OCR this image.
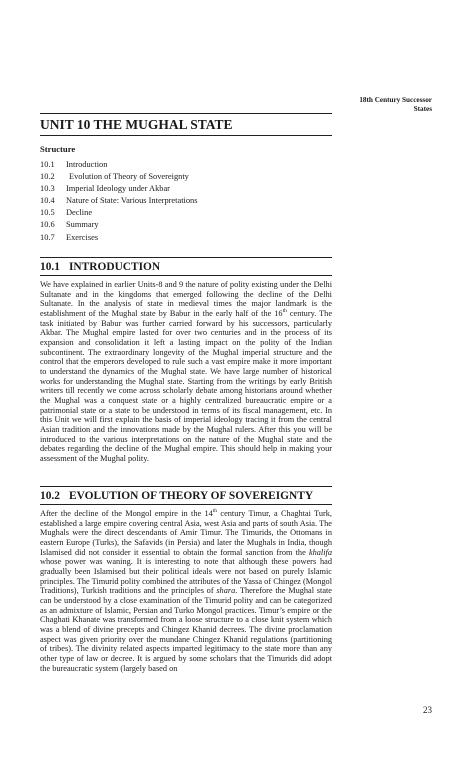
18th Century Successor
States
UNIT 10 THE MUGHAL STATE
Structure
10.1	Introduction
10.2	Evolution of Theory of Sovereignty
10.3	Imperial Ideology under Akbar
10.4	Nature of State: Various Interpretations
10.5	Decline
10.6	Summary
10.7	Exercises
10.1 INTRODUCTION

We have explained in earlier Units-8 and 9 the nature of polity existing under the Delhi Sultanate and in the kingdoms that emerged following the decline of the Delhi Sultanate. In the analysis of state in medieval times the major landmark is the establishment of the Mughal state by Babur in the early half of the 16th century. The task initiated by Babur was further carried forward by his successors, particularly Akbar. The Mughal empire lasted for over two centuries and in the process of its expansion and consolidation it left a lasting impact on the polity of the Indian subcontinent. The extraordinary longevity of the Mughal imperial structure and the control that the emperors developed to rule such a vast empire make it more important to understand the dynamics of the Mughal state. We have large number of historical works for understanding the Mughal state. Starting from the writings by early British writers till recently we come across scholarly debate among historians around whether the Mughal was a conquest state or a highly centralized bureaucratic empire or a patrimonial state or a state to be understood in terms of its fiscal management, etc. In this Unit we will first explain the basis of imperial ideology tracing it from the central Asian tradition and the innovations made by the Mughal rulers. After this you will be introduced to the various interpretations on the nature of the Mughal state and the debates regarding the decline of the Mughal empire. This should help in making your assessment of the Mughal polity.

10.2 EVOLUTION OF THEORY OF SOVEREIGNTY

After the decline of the Mongol empire in the 14th century Timur, a Chaghtai Turk, established a large empire covering central Asia, west Asia and parts of south Asia. The Mughals were the direct descendants of Amir Timur. The Timurids, the Ottomans in eastern Europe (Turks), the Safavids (in Persia) and later the Mughals in India, though Islamised did not consider it essential to obtain the formal sanction from the khalifa whose power was waning. It is interesting to note that although these powers had gradually been Islamised but their political ideals were not based on purely Islamic principles. The Timurid polity combined the attributes of the Yassa of Chingez (Mongol Traditions), Turkish traditions and the principles of shara. Therefore the Mughal state can be understood by a close examination of the Timurid polity and can be categorized as an admixture of Islamic, Persian and Turko Mongol practices. Timur’s empire or the Chaghati Khanate was transformed from a loose structure to a close knit system which was a blend of divine precepts and Chingez Khanid decrees. The divine proclamation aspect was given priority over the mundane Chingez Khanid regulations (partitioning of tribes). The divinity related aspects imparted legitimacy to the state more than any other type of law or decree. It is argued by some scholars that the Timurids did adopt the bureaucratic system (largely based on

23
